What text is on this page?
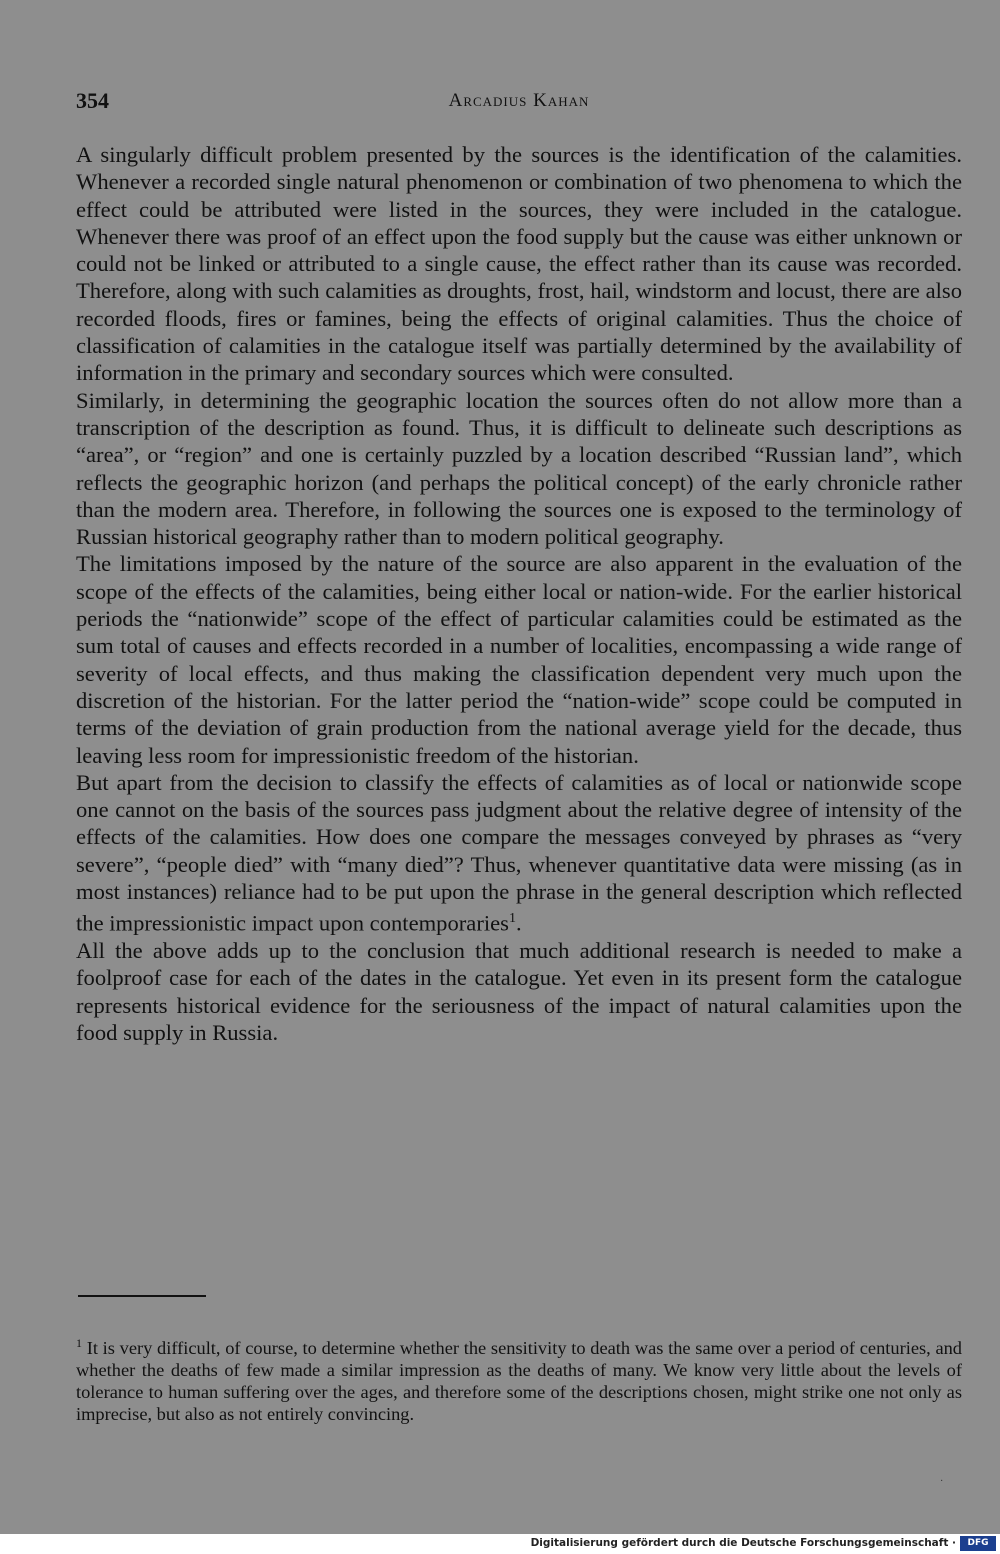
354	Arcadius Kahan

A singularly difficult problem presented by the sources is the identification of the calamities. Whenever a recorded single natural phenomenon or combination of two phenomena to which the effect could be attributed were listed in the sources, they were included in the catalogue. Whenever there was proof of an effect upon the food supply but the cause was either unknown or could not be linked or attributed to a single cause, the effect rather than its cause was recorded. Therefore, along with such calamities as droughts, frost, hail, windstorm and locust, there are also recorded floods, fires or famines, being the effects of original calamities. Thus the choice of classification of calamities in the catalogue itself was partially determined by the availability of information in the primary and secondary sources which were consulted.

Similarly, in determining the geographic location the sources often do not allow more than a transcription of the description as found. Thus, it is difficult to delineate such descriptions as “area”, or “region” and one is certainly puzzled by a location described “Russian land”, which reflects the geographic horizon (and perhaps the political concept) of the early chronicle rather than the modern area. Therefore, in following the sources one is exposed to the terminology of Russian historical geography rather than to modern political geography.

The limitations imposed by the nature of the source are also apparent in the evaluation of the scope of the effects of the calamities, being either local or nation-wide. For the earlier historical periods the “nationwide” scope of the effect of particular calamities could be estimated as the sum total of causes and effects recorded in a number of localities, encompassing a wide range of severity of local effects, and thus making the classification dependent very much upon the discretion of the historian. For the latter period the “nation-wide” scope could be computed in terms of the deviation of grain production from the national average yield for the decade, thus leaving less room for impressionistic freedom of the historian.

But apart from the decision to classify the effects of calamities as of local or nationwide scope one cannot on the basis of the sources pass judgment about the relative degree of intensity of the effects of the calamities. How does one compare the messages conveyed by phrases as “very severe”, “people died” with “many died”? Thus, whenever quantitative data were missing (as in most instances) reliance had to be put upon the phrase in the general description which reflected the impressionistic impact upon contemporaries$^1$.

All the above adds up to the conclusion that much additional research is needed to make a foolproof case for each of the dates in the catalogue. Yet even in its present form the catalogue represents historical evidence for the seriousness of the impact of natural calamities upon the food supply in Russia.

$^1$ It is very difficult, of course, to determine whether the sensitivity to death was the same over a period of centuries, and whether the deaths of few made a similar impression as the deaths of many. We know very little about the levels of tolerance to human suffering over the ages, and therefore some of the descriptions chosen, might strike one not only as imprecise, but also as not entirely convincing.

·
Digitalisierung gefördert durch die Deutsche Forschungsgemeinschaft ·	DFG
